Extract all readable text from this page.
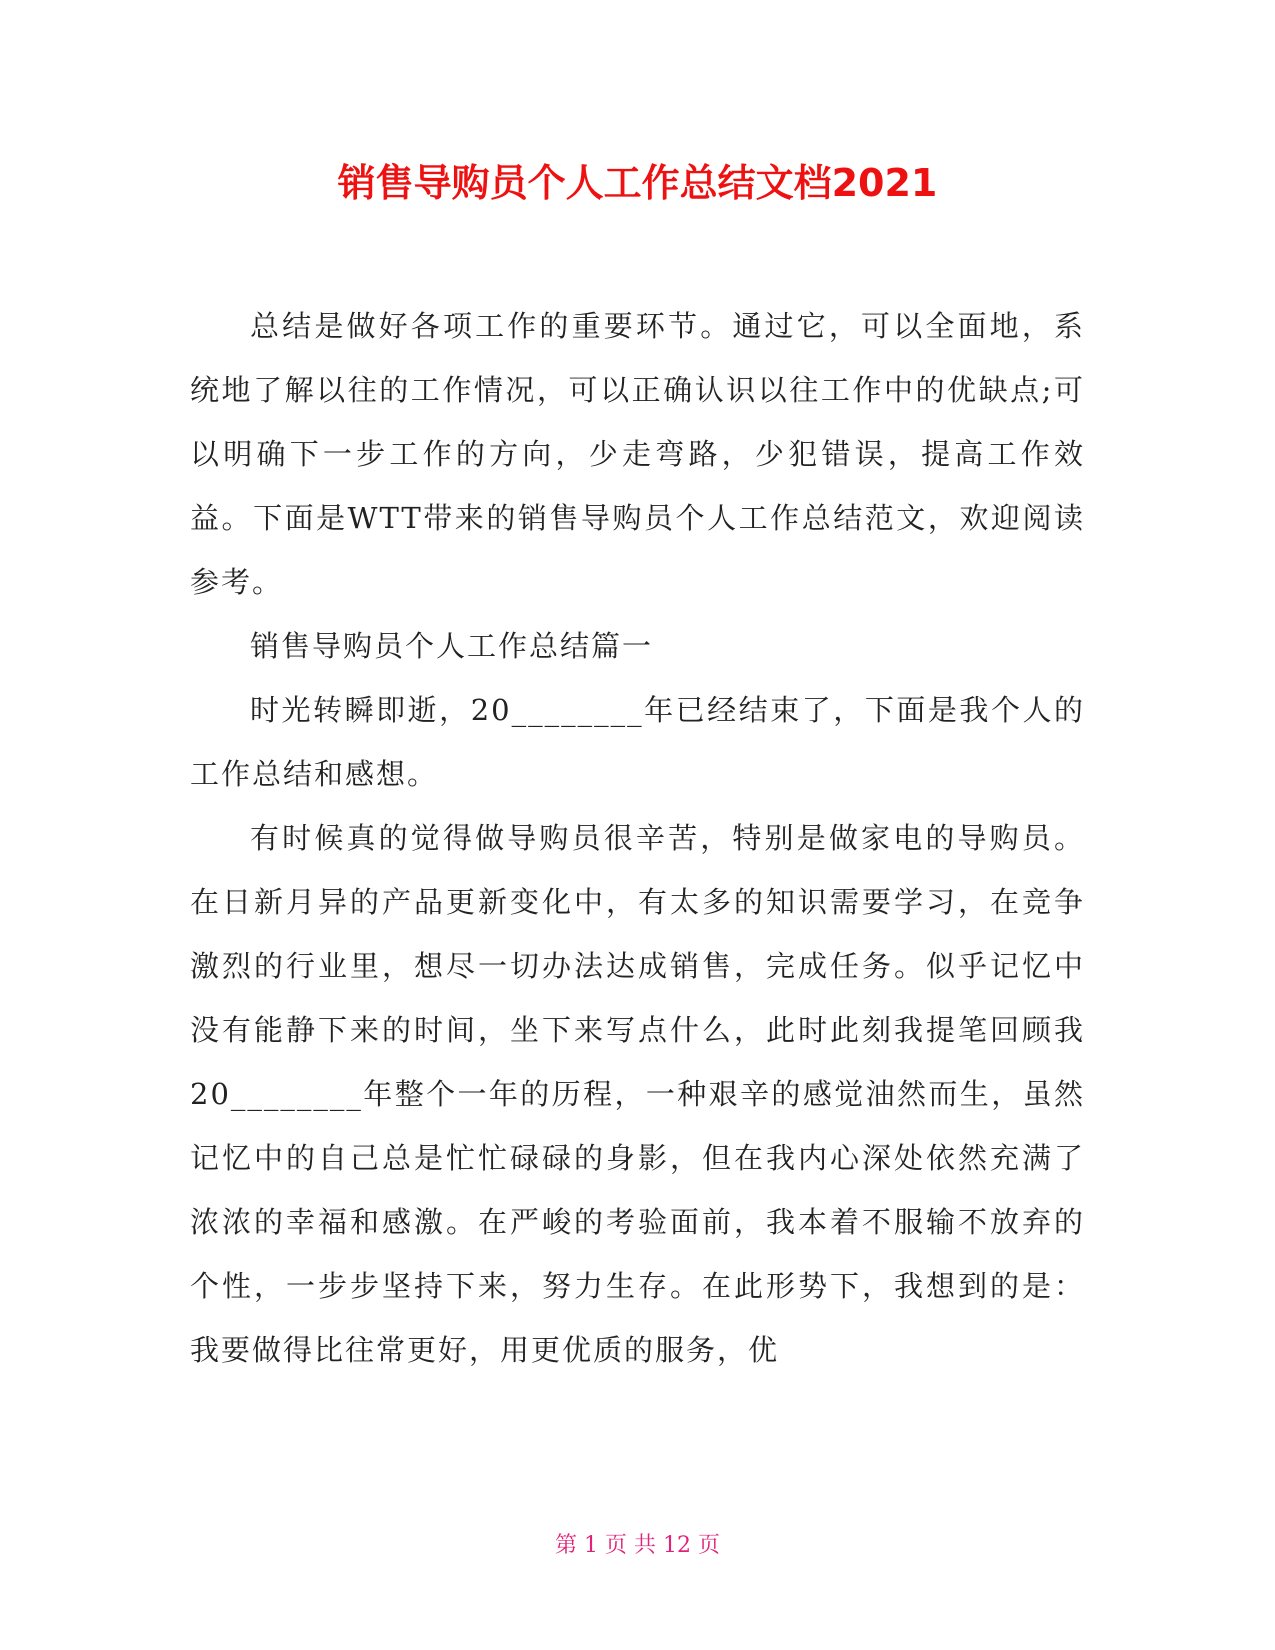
销售导购员个人工作总结文档2021

总结是做好各项工作的重要环节。通过它，可以全面地，系统地了解以往的工作情况，可以正确认识以往工作中的优缺点;可以明确下一步工作的方向，少走弯路，少犯错误，提高工作效益。下面是WTT带来的销售导购员个人工作总结范文，欢迎阅读参考。

销售导购员个人工作总结篇一

时光转瞬即逝，20________年已经结束了，下面是我个人的工作总结和感想。

有时候真的觉得做导购员很辛苦，特别是做家电的导购员。在日新月异的产品更新变化中，有太多的知识需要学习，在竞争激烈的行业里，想尽一切办法达成销售，完成任务。似乎记忆中没有能静下来的时间，坐下来写点什么，此时此刻我提笔回顾我20________年整个一年的历程，一种艰辛的感觉油然而生，虽然记忆中的自己总是忙忙碌碌的身影，但在我内心深处依然充满了浓浓的幸福和感激。在严峻的考验面前，我本着不服输不放弃的个性，一步步坚持下来，努力生存。在此形势下，我想到的是：我要做得比往常更好，用更优质的服务，优

第 1 页 共 12 页
